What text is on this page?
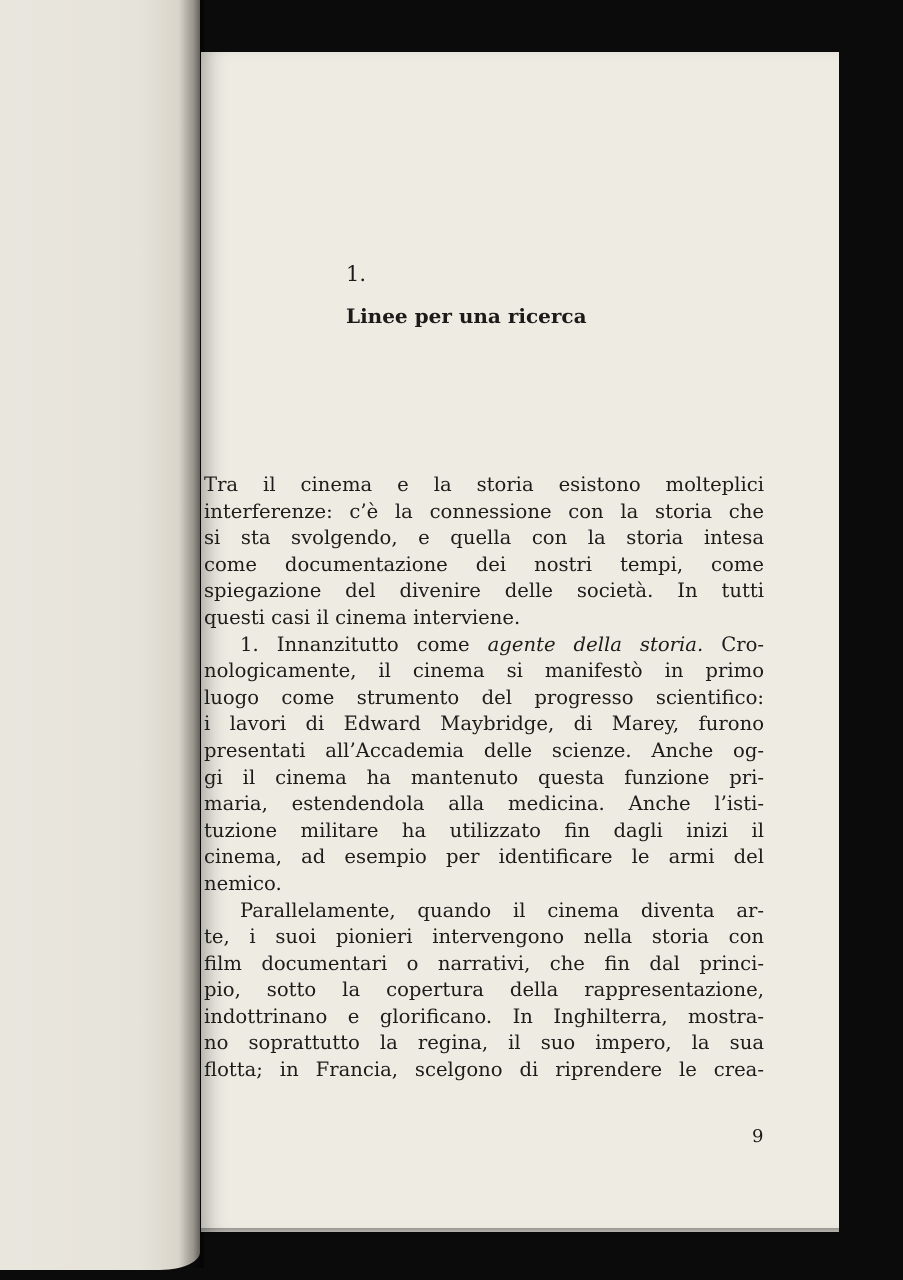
1.
Linee per una ricerca
Tra il cinema e la storia esistono molteplici
interferenze: c’è la connessione con la storia che
si sta svolgendo, e quella con la storia intesa
come documentazione dei nostri tempi, come
spiegazione del divenire delle società. In tutti
questi casi il cinema interviene.
1. Innanzitutto come agente della storia. Cro-
nologicamente, il cinema si manifestò in primo
luogo come strumento del progresso scientifico:
i lavori di Edward Maybridge, di Marey, furono
presentati all’Accademia delle scienze. Anche og-
gi il cinema ha mantenuto questa funzione pri-
maria, estendendola alla medicina. Anche l’isti-
tuzione militare ha utilizzato fin dagli inizi il
cinema, ad esempio per identificare le armi del
nemico.
Parallelamente, quando il cinema diventa ar-
te, i suoi pionieri intervengono nella storia con
film documentari o narrativi, che fin dal princi-
pio, sotto la copertura della rappresentazione,
indottrinano e glorificano. In Inghilterra, mostra-
no soprattutto la regina, il suo impero, la sua
flotta; in Francia, scelgono di riprendere le crea-
9
